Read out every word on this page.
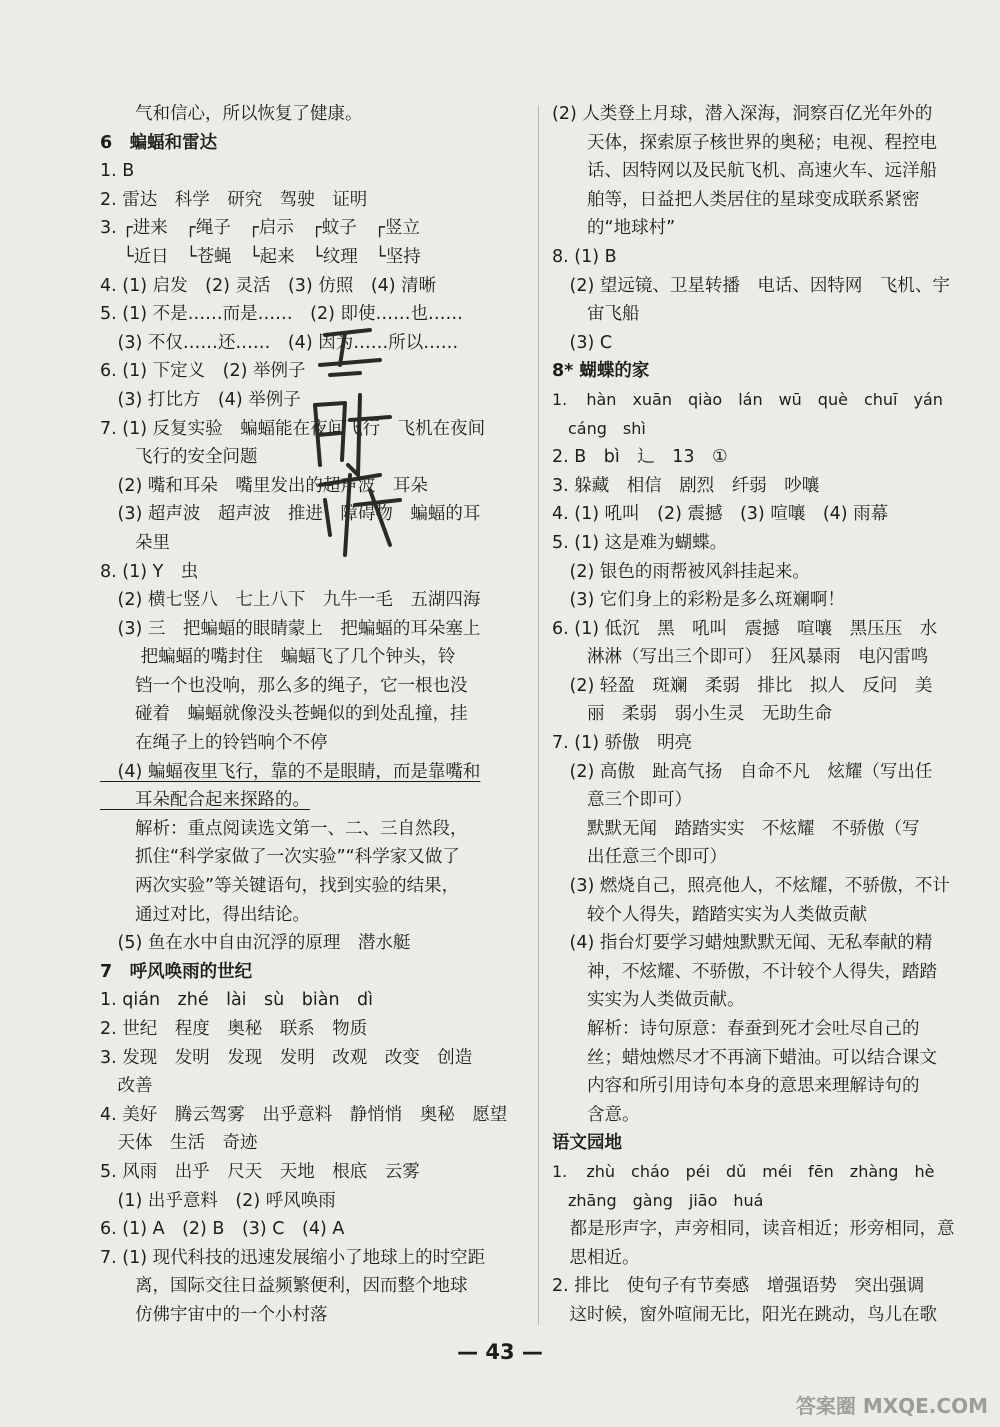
　　气和信心，所以恢复了健康。
6　蝙蝠和雷达
1. B
2. 雷达　科学　研究　驾驶　证明
3. ┌进来　┌绳子　┌启示　┌蚊子　┌竖立
　 └近日　└苍蝇　└起来　└纹理　└坚持
4. (1) 启发　(2) 灵活　(3) 仿照　(4) 清晰
5. (1) 不是……而是……　(2) 即使……也……
　(3) 不仅……还……　(4) 因为……所以……
6. (1) 下定义　(2) 举例子
　(3) 打比方　(4) 举例子
7. (1) 反复实验　蝙蝠能在夜间飞行　飞机在夜间
　　飞行的安全问题
　(2) 嘴和耳朵　嘴里发出的超声波　耳朵
　(3) 超声波　超声波　推进　障碍物　蝙蝠的耳
　　朵里
8. (1) Y　虫
　(2) 横七竖八　七上八下　九牛一毛　五湖四海
　(3) 三　把蝙蝠的眼睛蒙上　把蝙蝠的耳朵塞上
　　 把蝙蝠的嘴封住　蝙蝠飞了几个钟头，铃
　　铛一个也没响，那么多的绳子，它一根也没
　　碰着　蝙蝠就像没头苍蝇似的到处乱撞，挂
　　在绳子上的铃铛响个不停
　(4) 蝙蝠夜里飞行，靠的不是眼睛，而是靠嘴和
　　耳朵配合起来探路的。
　　解析：重点阅读选文第一、二、三自然段，
　　抓住“科学家做了一次实验”“科学家又做了
　　两次实验”等关键语句，找到实验的结果，
　　通过对比，得出结论。
　(5) 鱼在水中自由沉浮的原理　潜水艇
7　呼风唤雨的世纪
1. qián　zhé　lài　sù　biàn　dì
2. 世纪　程度　奥秘　联系　物质
3. 发现　发明　发现　发明　改观　改变　创造
　改善
4. 美好　腾云驾雾　出乎意料　静悄悄　奥秘　愿望
　天体　生活　奇迹
5. 风雨　出乎　尺天　天地　根底　云雾
　(1) 出乎意料　(2) 呼风唤雨
6. (1) A　(2) B　(3) C　(4) A
7. (1) 现代科技的迅速发展缩小了地球上的时空距
　　离，国际交往日益频繁便利，因而整个地球
　　仿佛宇宙中的一个小村落
(2) 人类登上月球，潜入深海，洞察百亿光年外的
　　天体，探索原子核世界的奥秘；电视、程控电
　　话、因特网以及民航飞机、高速火车、远洋船
　　舶等，日益把人类居住的星球变成联系紧密
　　的“地球村”
8. (1) B
　(2) 望远镜、卫星转播　电话、因特网　飞机、宇
　　宙飞船
　(3) C
8* 蝴蝶的家
1. hàn　xuān　qiào　lán　wū　què　chuī　yán
　cáng　shì
2. B　bì　辶　13　①
3. 躲藏　相信　剧烈　纤弱　吵嚷
4. (1) 吼叫　(2) 震撼　(3) 喧嚷　(4) 雨幕
5. (1) 这是难为蝴蝶。
　(2) 银色的雨帮被风斜挂起来。
　(3) 它们身上的彩粉是多么斑斓啊！
6. (1) 低沉　黑　吼叫　震撼　喧嚷　黑压压　水
　　淋淋（写出三个即可）　狂风暴雨　电闪雷鸣
　(2) 轻盈　斑斓　柔弱　排比　拟人　反问　美
　　丽　柔弱　弱小生灵　无助生命
7. (1) 骄傲　明亮
　(2) 高傲　趾高气扬　自命不凡　炫耀（写出任
　　意三个即可）
　　默默无闻　踏踏实实　不炫耀　不骄傲（写
　　出任意三个即可）
　(3) 燃烧自己，照亮他人，不炫耀，不骄傲，不计
　　较个人得失，踏踏实实为人类做贡献
　(4) 指台灯要学习蜡烛默默无闻、无私奉献的精
　　神，不炫耀、不骄傲，不计较个人得失，踏踏
　　实实为人类做贡献。
　　解析：诗句原意：春蚕到死才会吐尽自己的
　　丝；蜡烛燃尽才不再滴下蜡油。可以结合课文
　　内容和所引用诗句本身的意思来理解诗句的
　　含意。
语文园地
1. zhù　cháo　péi　dǔ　méi　fēn　zhàng　hè
　zhāng　gàng　jiāo　huá
　都是形声字，声旁相同，读音相近；形旁相同，意
　思相近。
2. 排比　使句子有节奏感　增强语势　突出强调
　这时候，窗外喧闹无比，阳光在跳动，鸟儿在歌
— 43 —
答案圈 MXQE.COM
